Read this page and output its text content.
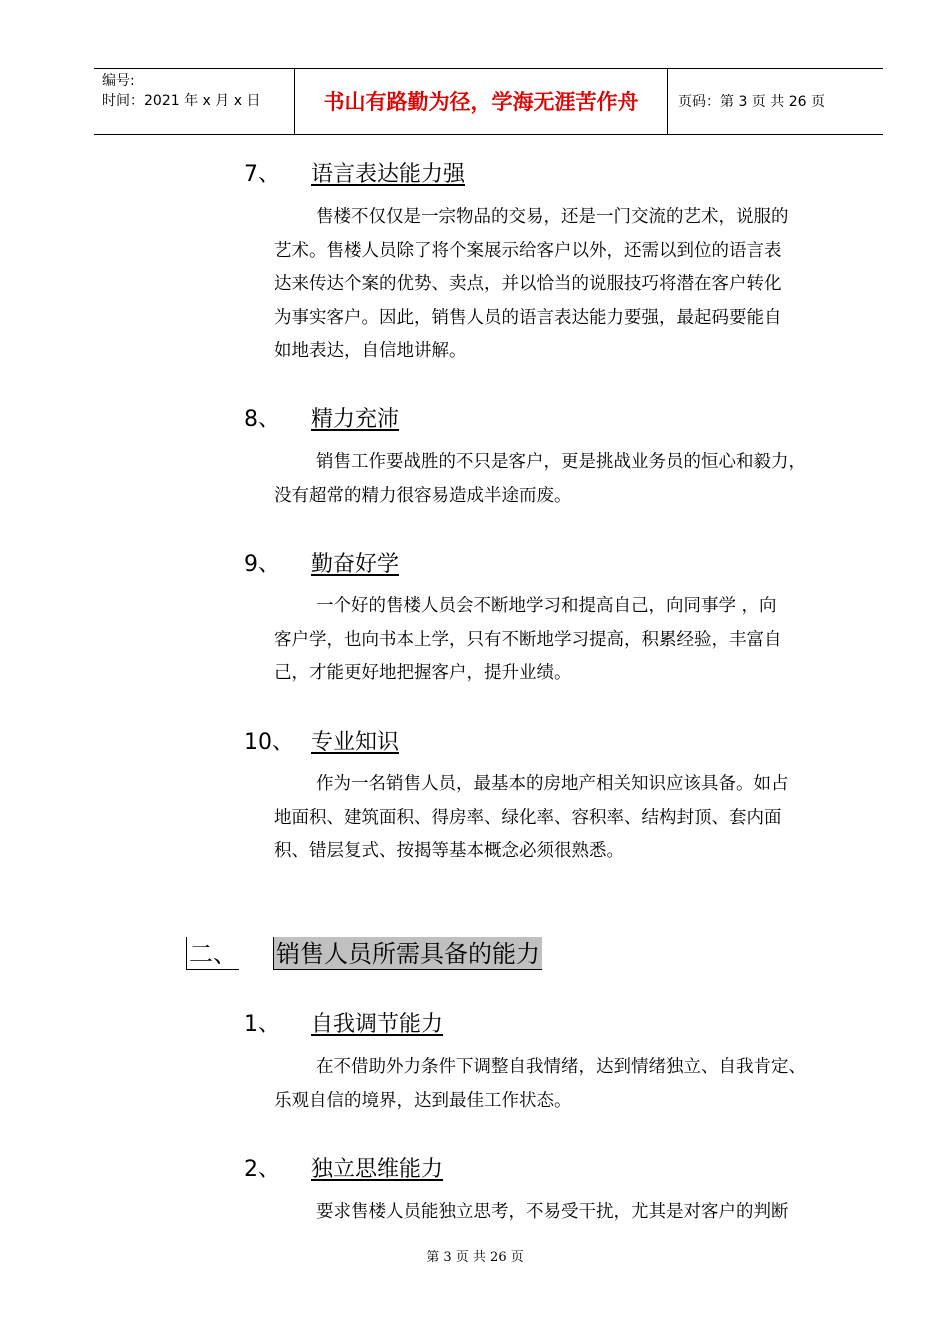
编号:
时间：2021 年 x 月 x 日	书山有路勤为径，学海无涯苦作舟	页码：第 3 页 共 26 页
7、 语言表达能力强
售楼不仅仅是一宗物品的交易，还是一门交流的艺术，说服的
艺术。售楼人员除了将个案展示给客户以外，还需以到位的语言表
达来传达个案的优势、卖点，并以恰当的说服技巧将潜在客户转化
为事实客户。因此，销售人员的语言表达能力要强，最起码要能自
如地表达，自信地讲解。
8、 精力充沛
销售工作要战胜的不只是客户，更是挑战业务员的恒心和毅力，
没有超常的精力很容易造成半途而废。
9、 勤奋好学
一个好的售楼人员会不断地学习和提高自己，向同事学 ，向
客户学，也向书本上学，只有不断地学习提高，积累经验，丰富自
己，才能更好地把握客户，提升业绩。
10、 专业知识
作为一名销售人员，最基本的房地产相关知识应该具备。如占
地面积、建筑面积、得房率、绿化率、容积率、结构封顶、套内面
积、错层复式、按揭等基本概念必须很熟悉。
二、 销售人员所需具备的能力
1、 自我调节能力
在不借助外力条件下调整自我情绪，达到情绪独立、自我肯定、
乐观自信的境界，达到最佳工作状态。
2、 独立思维能力
要求售楼人员能独立思考，不易受干扰，尤其是对客户的判断
第 3 页 共 26 页
